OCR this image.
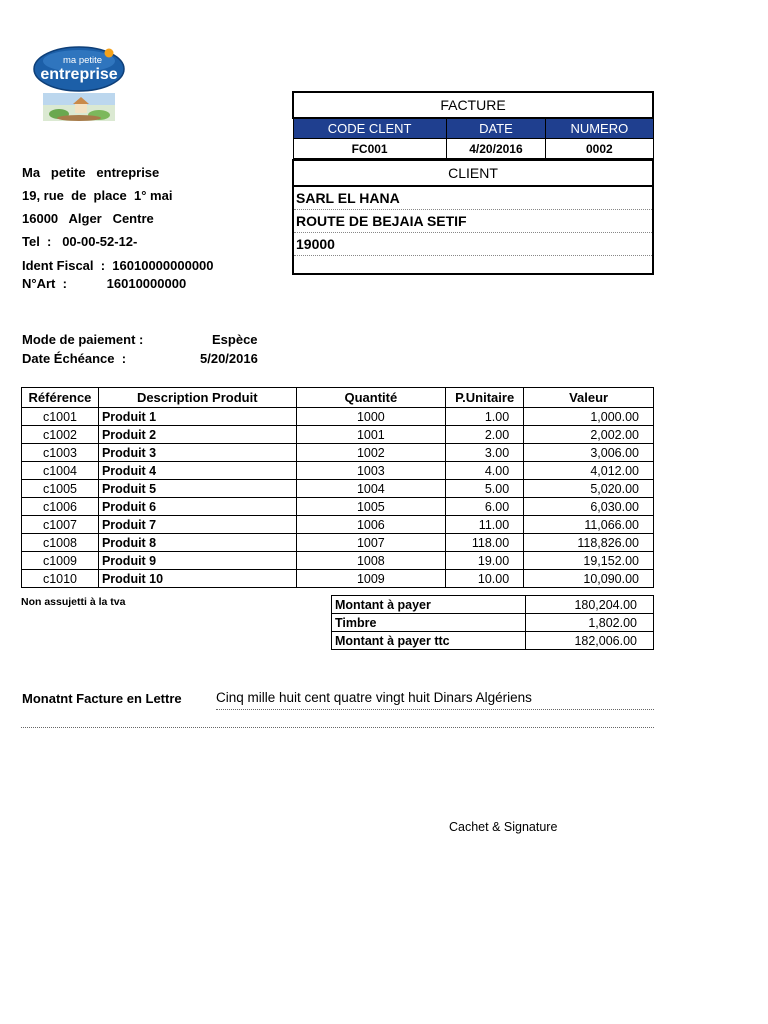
ma petite
entreprise
Ma   petite   entreprise
19, rue  de  place  1° mai
16000   Alger   Centre
Tel  :   00-00-52-12-
Ident Fiscal  :  16010000000000
N°Art  :           16010000000
FACTURE		
CODE CLENT	DATE	NUMERO
FC001	4/20/2016	0002
CLIENT
SARL EL HANA
ROUTE DE BEJAIA SETIF
19000
Mode de paiement :	Espèce
Date Échéance  :	5/20/2016
Référence	Description Produit	Quantité	P.Unitaire	Valeur
c1001	Produit 1	1000	1.00	1,000.00
c1002	Produit 2	1001	2.00	2,002.00
c1003	Produit 3	1002	3.00	3,006.00
c1004	Produit 4	1003	4.00	4,012.00
c1005	Produit 5	1004	5.00	5,020.00
c1006	Produit 6	1005	6.00	6,030.00
c1007	Produit 7	1006	11.00	11,066.00
c1008	Produit 8	1007	118.00	118,826.00
c1009	Produit 9	1008	19.00	19,152.00
c1010	Produit 10	1009	10.00	10,090.00
Non assujetti à la tva	Montant à payer	180,204.00
Timbre	1,802.00
Montant à payer ttc	182,006.00
Monatnt Facture en Lettre	Cinq mille huit cent quatre vingt huit Dinars Algériens
Cachet & Signature
